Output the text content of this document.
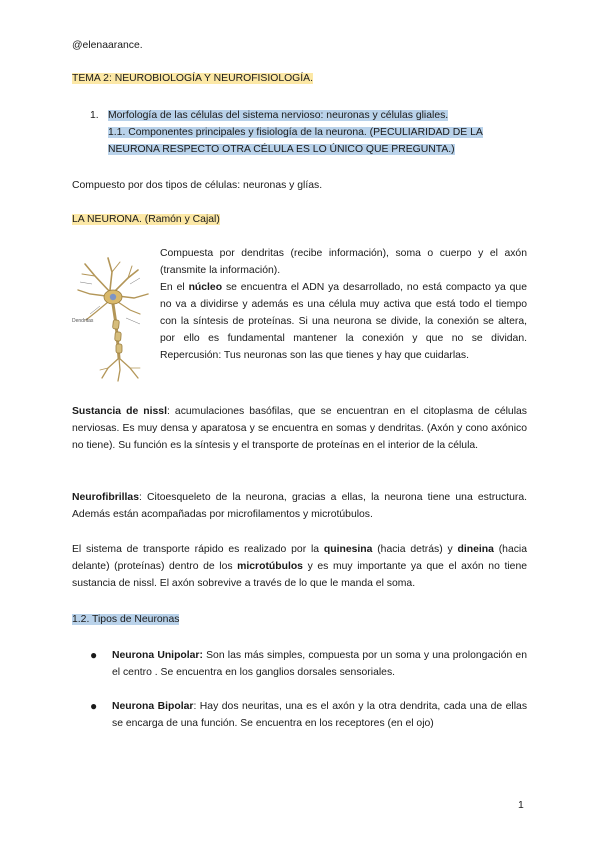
@elenaarance.
TEMA 2: NEUROBIOLOGÍA Y NEUROFISIOLOGÍA.
1. Morfología de las células del sistema nervioso: neuronas y células gliales.
1.1. Componentes principales y fisiología de la neurona. (PECULIARIDAD DE LA
NEURONA RESPECTO OTRA CÉLULA ES LO ÚNICO QUE PREGUNTA.)
Compuesto por dos tipos de células: neuronas y glías.
LA NEURONA. (Ramón y Cajal)
Dendritas
Compuesta por dendritas (recibe información), soma o cuerpo y el axón (transmite la información).
En el núcleo se encuentra el ADN ya desarrollado, no está compacto ya que no va a dividirse y además es una célula muy activa que está todo el tiempo con la síntesis de proteínas. Si una neurona se divide, la conexión se altera, por ello es fundamental mantener la conexión y que no se dividan. Repercusión: Tus neuronas son las que tienes y hay que cuidarlas.
Sustancia de nissl: acumulaciones basófilas, que se encuentran en el citoplasma de células nerviosas. Es muy densa y aparatosa y se encuentra en somas y dendritas. (Axón y cono axónico no tiene). Su función es la síntesis y el transporte de proteínas en el interior de la célula.
Neurofibrillas: Citoesqueleto de la neurona, gracias a ellas, la neurona tiene una estructura. Además están acompañadas por microfilamentos y microtúbulos.
El sistema de transporte rápido es realizado por la quinesina (hacia detrás) y dineina (hacia delante) (proteínas) dentro de los microtúbulos y es muy importante ya que el axón no tiene sustancia de nissl. El axón sobrevive a través de lo que le manda el soma.
1.2. Tipos de Neuronas
● Neurona Unipolar: Son las más simples, compuesta por un soma y una prolongación en el centro . Se encuentra en los ganglios dorsales sensoriales.
● Neurona Bipolar: Hay dos neuritas, una es el axón y la otra dendrita, cada una de ellas se encarga de una función. Se encuentra en los receptores (en el ojo)
1
